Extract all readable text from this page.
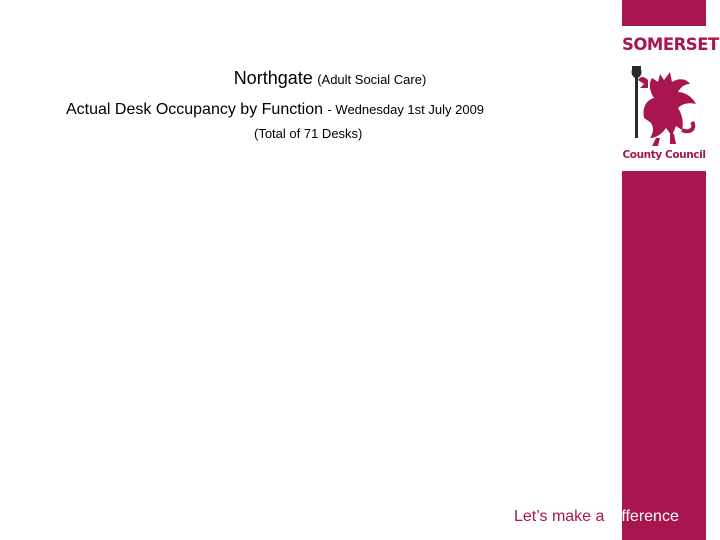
Northgate (Adult Social Care)
Actual Desk Occupancy by Function - Wednesday 1st July 2009
(Total of 71 Desks)
SOMERSET
County Council
Let’s make a difference
